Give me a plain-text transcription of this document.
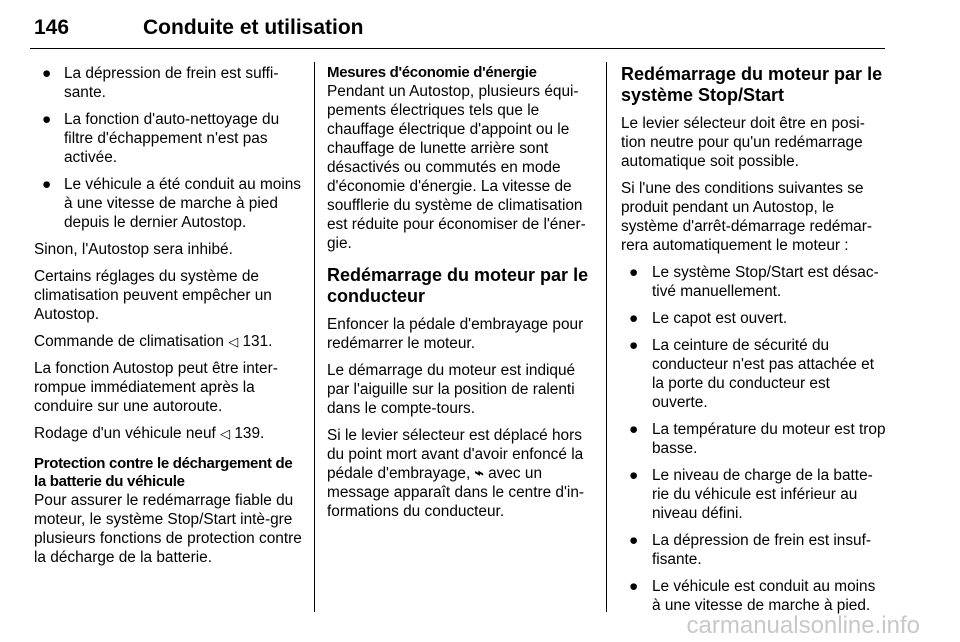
146	Conduite et utilisation
● La dépression de frein est suffi-sante.
● La fonction d'auto-nettoyage du filtre d'échappement n'est pas activée.
● Le véhicule a été conduit au moins à une vitesse de marche à pied depuis le dernier Autostop.

Sinon, l'Autostop sera inhibé.

Certains réglages du système de climatisation peuvent empêcher un Autostop.

Commande de climatisation ◁ 131.

La fonction Autostop peut être inter-rompue immédiatement après la conduire sur une autoroute.

Rodage d'un véhicule neuf ◁ 139.

Protection contre le déchargement de la batterie du véhicule

Pour assurer le redémarrage fiable du moteur, le système Stop/Start intè-gre plusieurs fonctions de protection contre la décharge de la batterie.

Mesures d'économie d'énergie

Pendant un Autostop, plusieurs équi-pements électriques tels que le chauffage électrique d'appoint ou le chauffage de lunette arrière sont désactivés ou commutés en mode d'économie d'énergie. La vitesse de soufflerie du système de climatisation est réduite pour économiser de l'éner-gie.

Redémarrage du moteur par le conducteur

Enfoncer la pédale d'embrayage pour redémarrer le moteur.

Le démarrage du moteur est indiqué par l'aiguille sur la position de ralenti dans le compte-tours.

Si le levier sélecteur est déplacé hors du point mort avant d'avoir enfoncé la pédale d'embrayage, ⌁ avec un message apparaît dans le centre d'in-formations du conducteur.

Redémarrage du moteur par le système Stop/Start

Le levier sélecteur doit être en posi-tion neutre pour qu'un redémarrage automatique soit possible.

Si l'une des conditions suivantes se produit pendant un Autostop, le système d'arrêt-démarrage redémar-rera automatiquement le moteur :

● Le système Stop/Start est désac-tivé manuellement.
● Le capot est ouvert.
● La ceinture de sécurité du conducteur n'est pas attachée et la porte du conducteur est ouverte.
● La température du moteur est trop basse.
● Le niveau de charge de la batte-rie du véhicule est inférieur au niveau défini.
● La dépression de frein est insuf-fisante.
● Le véhicule est conduit au moins à une vitesse de marche à pied.
carmanualsonline.info
